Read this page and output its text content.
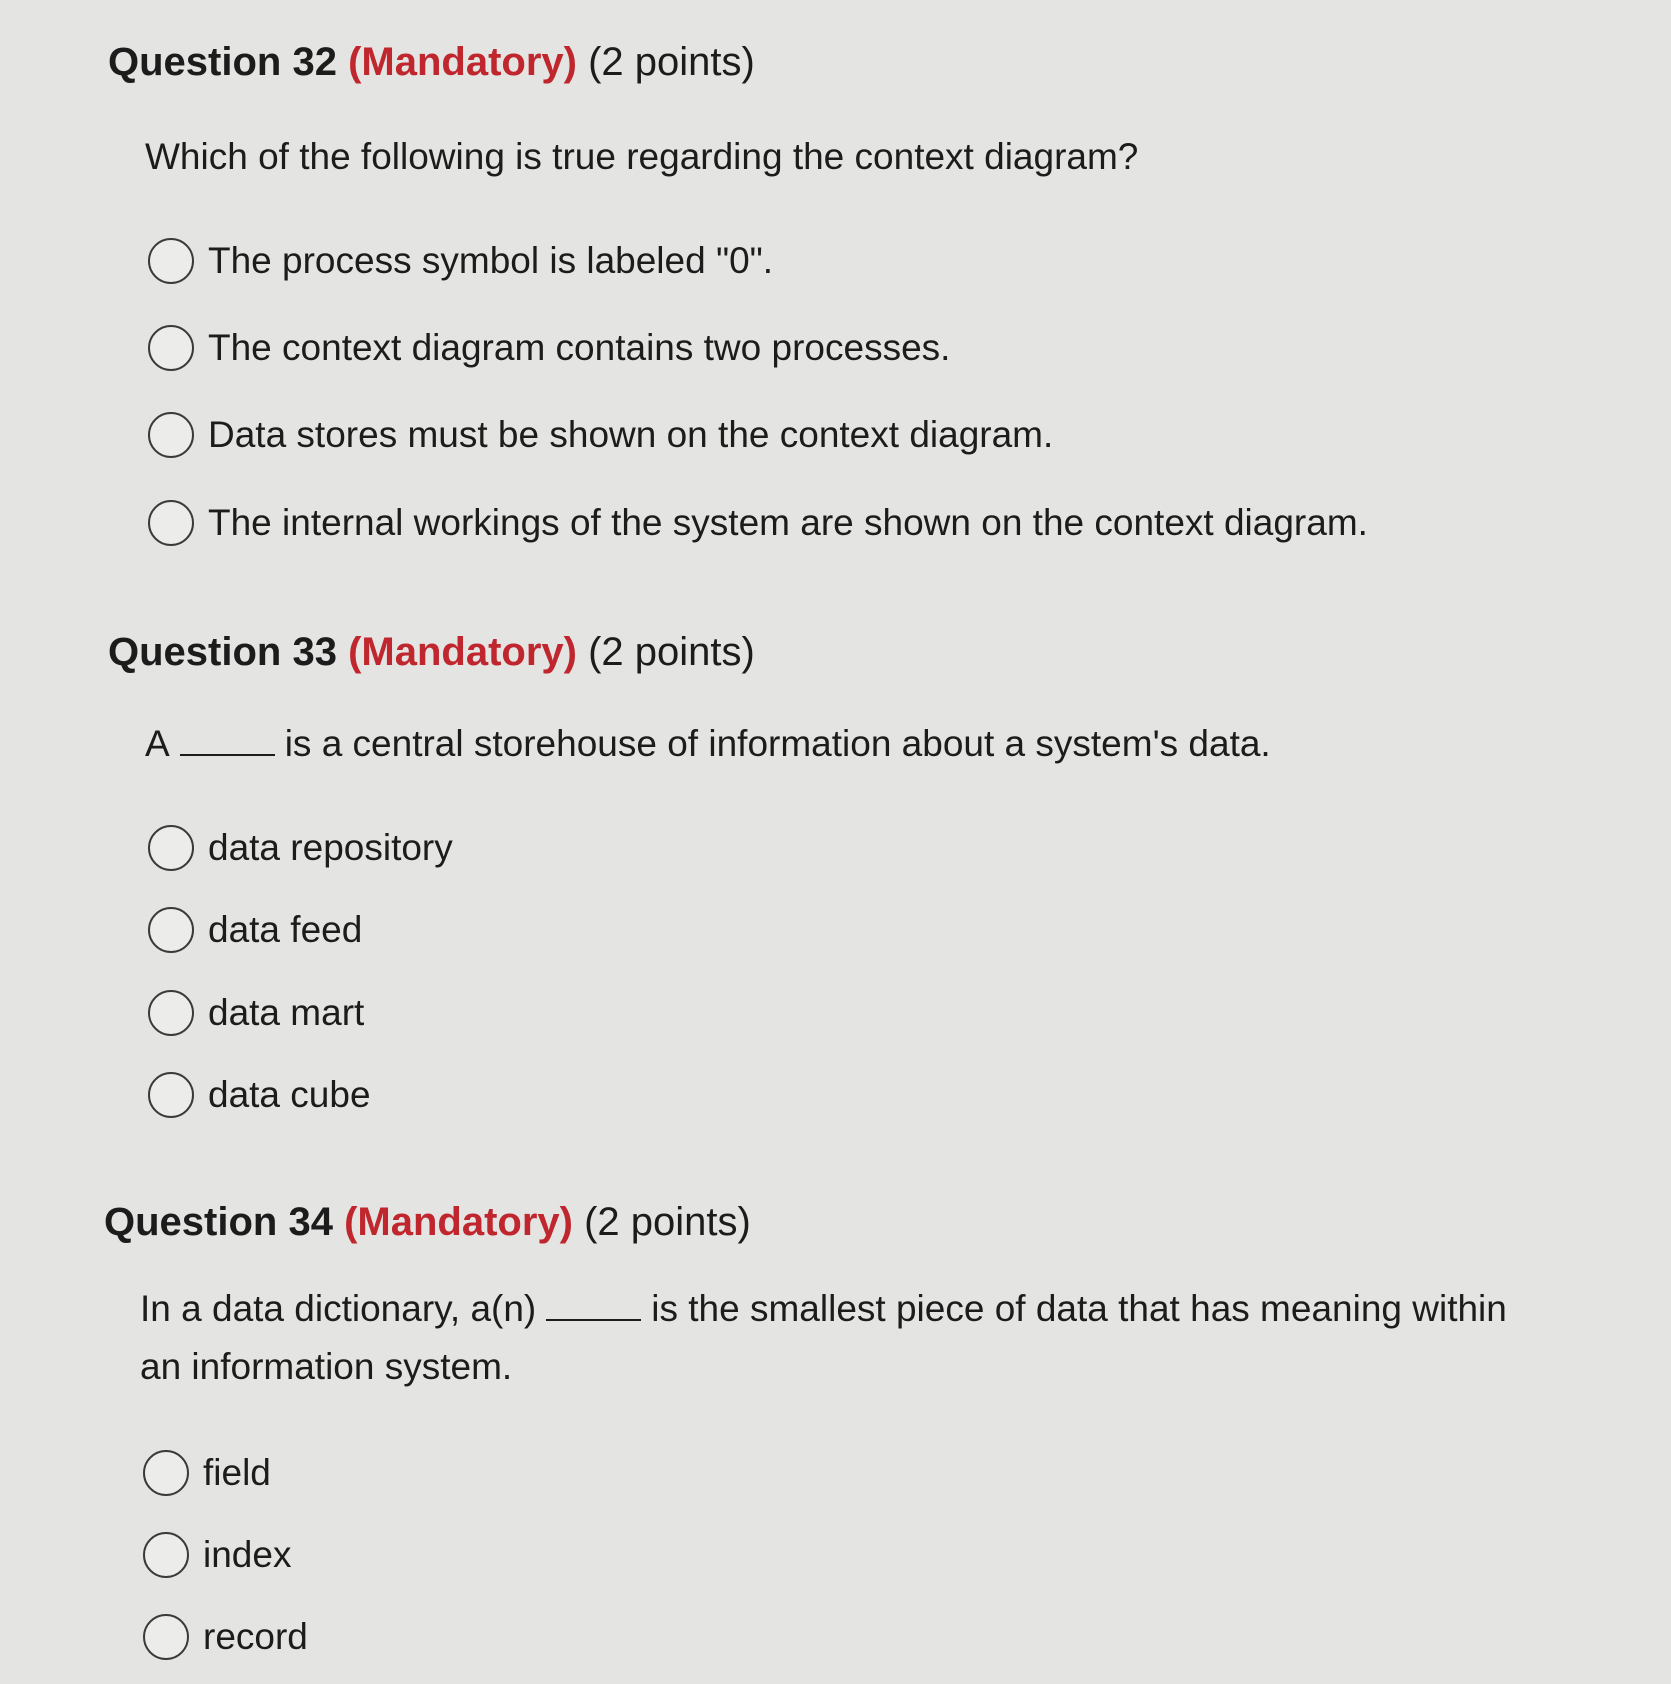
Question 32 (Mandatory) (2 points)
Which of the following is true regarding the context diagram?
The process symbol is labeled "0".
The context diagram contains two processes.
Data stores must be shown on the context diagram.
The internal workings of the system are shown on the context diagram.
Question 33 (Mandatory) (2 points)
A	is a central storehouse of information about a system's data.
data repository
data feed
data mart
data cube
Question 34 (Mandatory) (2 points)
In a data dictionary, a(n)	is the smallest piece of data that has meaning within
an information system.
field
index
record
